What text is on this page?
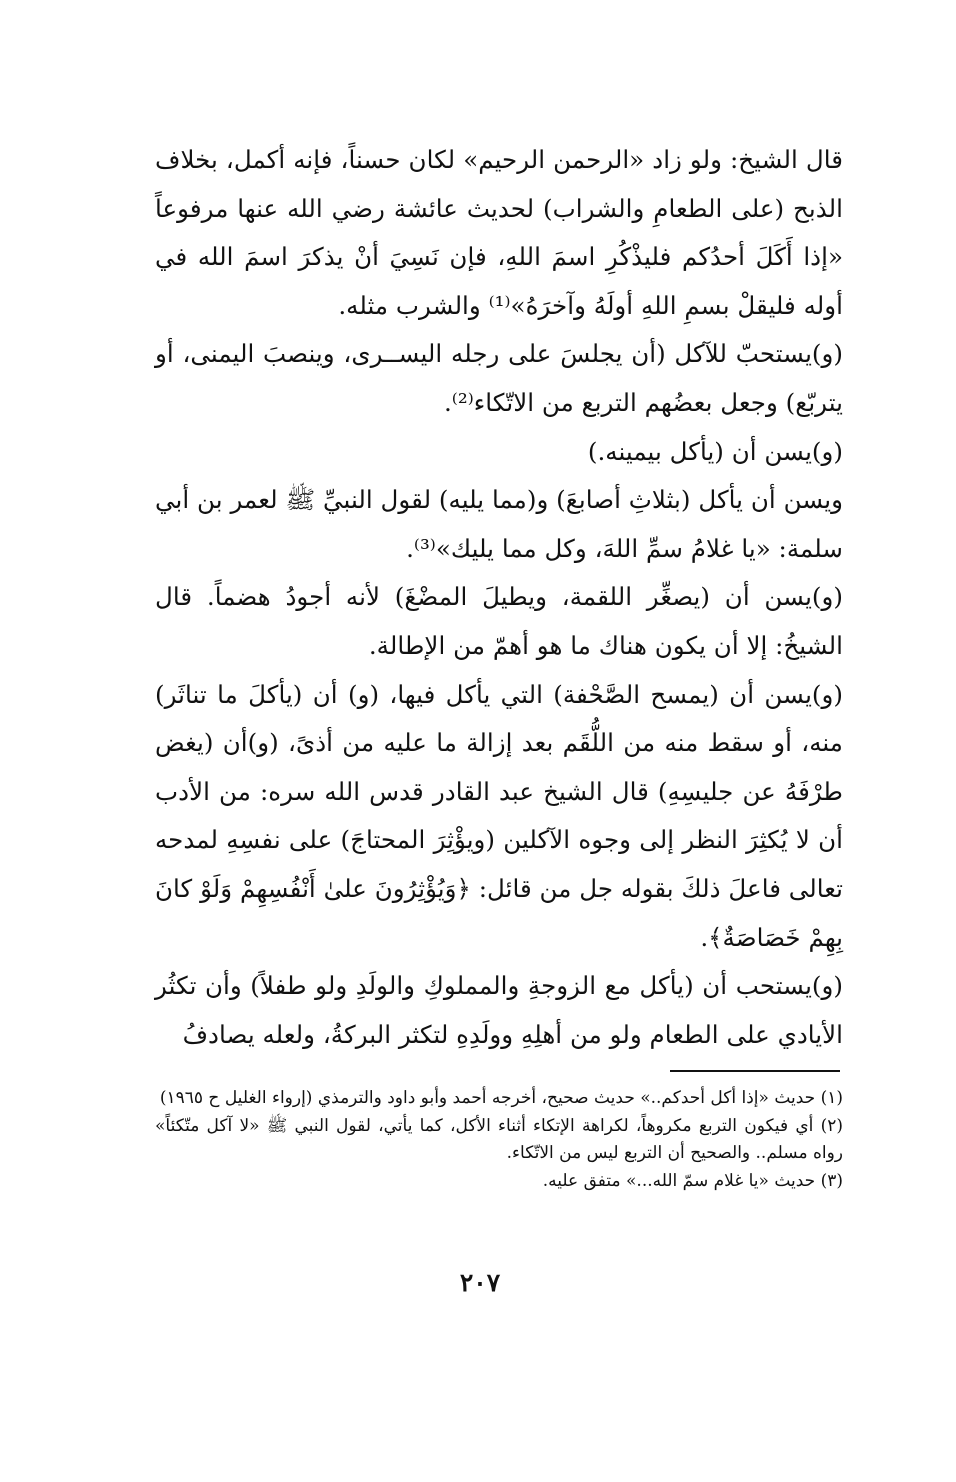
قال الشيخ: ولو زاد «الرحمن الرحيم» لكان حسناً، فإنه أكمل، بخلاف الذبح (على الطعامِ والشراب) لحديث عائشة رضي الله عنها مرفوعاً «إذا أَكَلَ أحدُكم فليذْكُرِ اسمَ اللهِ، فإن نَسِيَ أنْ يذكرَ اسمَ الله في أوله فليقلْ بسمِ اللهِ أولَهُ وآخرَهُ»⁽¹⁾ والشرب مثله.

(و)يستحبّ للآكل (أن يجلسَ على رجله اليســرى، وينصبَ اليمنى، أو يتربّع) وجعل بعضُهم التربع من الاتّكاء⁽²⁾.

(و)يسن أن (يأكل بيمينه.)

ويسن أن يأكل (بثلاثِ أصابعَ) و(مما يليه) لقول النبيِّ ﷺ لعمر بن أبي سلمة: «يا غلامُ سمِّ اللهَ، وكل مما يليك»⁽³⁾.

(و)يسن أن (يصغِّر اللقمة، ويطيلَ المضْغَ) لأنه أجودُ هضماً. قال الشيخُ: إلا أن يكون هناك ما هو أهمّ من الإطالة.

(و)يسن أن (يمسح الصَّحْفة) التي يأكل فيها، (و) أن (يأكلَ ما تناثَر) منه، أو سقط منه من اللُّقَم بعد إزالة ما عليه من أذىً، (و)أن (يغض طرْفَهُ عن جليسِهِ) قال الشيخ عبد القادر قدس الله سره: من الأدب أن لا يُكثِرَ النظر إلى وجوه الآكلين (ويؤْثِرَ المحتاجَ) على نفسِهِ لمدحه تعالى فاعلَ ذلكَ بقوله جل من قائل: ﴿وَيُؤْثِرُونَ علىٰ أَنْفُسِهِمْ وَلَوْ كانَ بِهِمْ خَصَاصَةٌ﴾.

(و)يستحب أن (يأكل مع الزوجةِ والمملوكِ والولَدِ ولو طفلاً) وأن تكثُر الأيادي على الطعام ولو من أهلِهِ وولَدِهِ لتكثر البركةُ، ولعله يصادفُ

(١) حديث «إذا أكل أحدكم..» حديث صحيح، أخرجه أحمد وأبو داود والترمذي (إرواء الغليل ح ١٩٦٥)

(٢) أي فيكون التربع مكروهاً، لكراهة الإتكاء أثناء الأكل، كما يأتي، لقول النبي ﷺ «لا آكل متّكئاً» رواه مسلم.. والصحيح أن التربع ليس من الاتّكاء.

(٣) حديث «يا غلام سمّ الله...» متفق عليه.

٢٠٧
